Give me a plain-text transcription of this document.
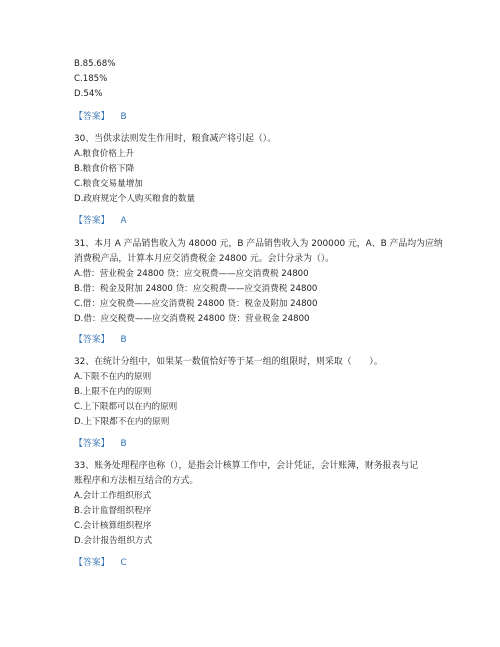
B.85.68%
C.185%
D.54%
【答案】 B
30、当供求法则发生作用时，粮食减产将引起（）。
A.粮食价格上升
B.粮食价格下降
C.粮食交易量增加
D.政府规定个人购买粮食的数量
【答案】 A
31、本月 A 产品销售收入为 48000 元，B 产品销售收入为 200000 元，A、B 产品均为应纳
消费税产品，计算本月应交消费税金 24800 元。会计分录为（）。
A.借：营业税金 24800 贷：应交税费——应交消费税 24800
B.借：税金及附加 24800 贷：应交税费——应交消费税 24800
C.借：应交税费——应交消费税 24800 贷：税金及附加 24800
D.借：应交税费——应交消费税 24800 贷：营业税金 24800
【答案】 B
32、在统计分组中，如果某一数值恰好等于某一组的组限时，则采取（　　）。
A.下限不在内的原则
B.上限不在内的原则
C.上下限都可以在内的原则
D.上下限都不在内的原则
【答案】 B
33、账务处理程序也称（），是指会计核算工作中，会计凭证，会计账簿，财务报表与记
账程序和方法相互结合的方式。
A.会计工作组织形式
B.会计监督组织程序
C.会计核算组织程序
D.会计报告组织方式
【答案】 C
